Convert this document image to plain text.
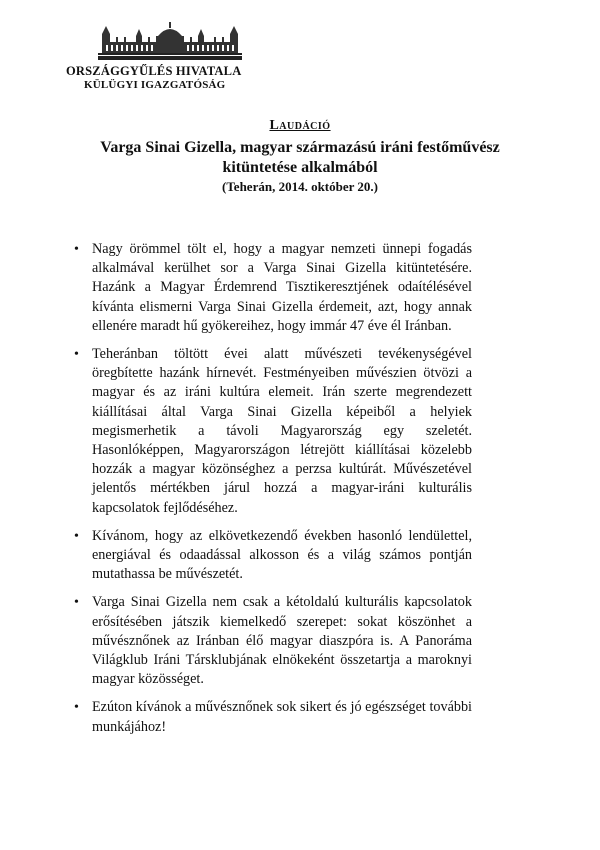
ORSZÁGGYŰLÉS HIVATALA
KÜLÜGYI IGAZGATÓSÁG
Laudáció
Varga Sinai Gizella, magyar származású iráni festőművész kitüntetése alkalmából
(Teherán, 2014. október 20.)
• Nagy örömmel tölt el, hogy a magyar nemzeti ünnepi fogadás alkalmával kerülhet sor a Varga Sinai Gizella kitüntetésére. Hazánk a Magyar Érdemrend Tisztikeresztjének odaítélésével kívánta elismerni Varga Sinai Gizella érdemeit, azt, hogy annak ellenére maradt hű gyökereihez, hogy immár 47 éve él Iránban.
• Teheránban töltött évei alatt művészeti tevékenységével öregbítette hazánk hírnevét. Festményeiben művészien ötvözi a magyar és az iráni kultúra elemeit. Irán szerte megrendezett kiállításai által Varga Sinai Gizella képeiből a helyiek megismerhetik a távoli Magyarország egy szeletét. Hasonlóképpen, Magyarországon létrejött kiállításai közelebb hozzák a magyar közönséghez a perzsa kultúrát. Művészetével jelentős mértékben járul hozzá a magyar-iráni kulturális kapcsolatok fejlődéséhez.
• Kívánom, hogy az elkövetkezendő években hasonló lendülettel, energiával és odaadással alkosson és a világ számos pontján mutathassa be művészetét.
• Varga Sinai Gizella nem csak a kétoldalú kulturális kapcsolatok erősítésében játszik kiemelkedő szerepet: sokat köszönhet a művésznőnek az Iránban élő magyar diaszpóra is. A Panoráma Világklub Iráni Társklubjának elnökeként összetartja a maroknyi magyar közösséget.
• Ezúton kívánok a művésznőnek sok sikert és jó egészséget további munkájához!
